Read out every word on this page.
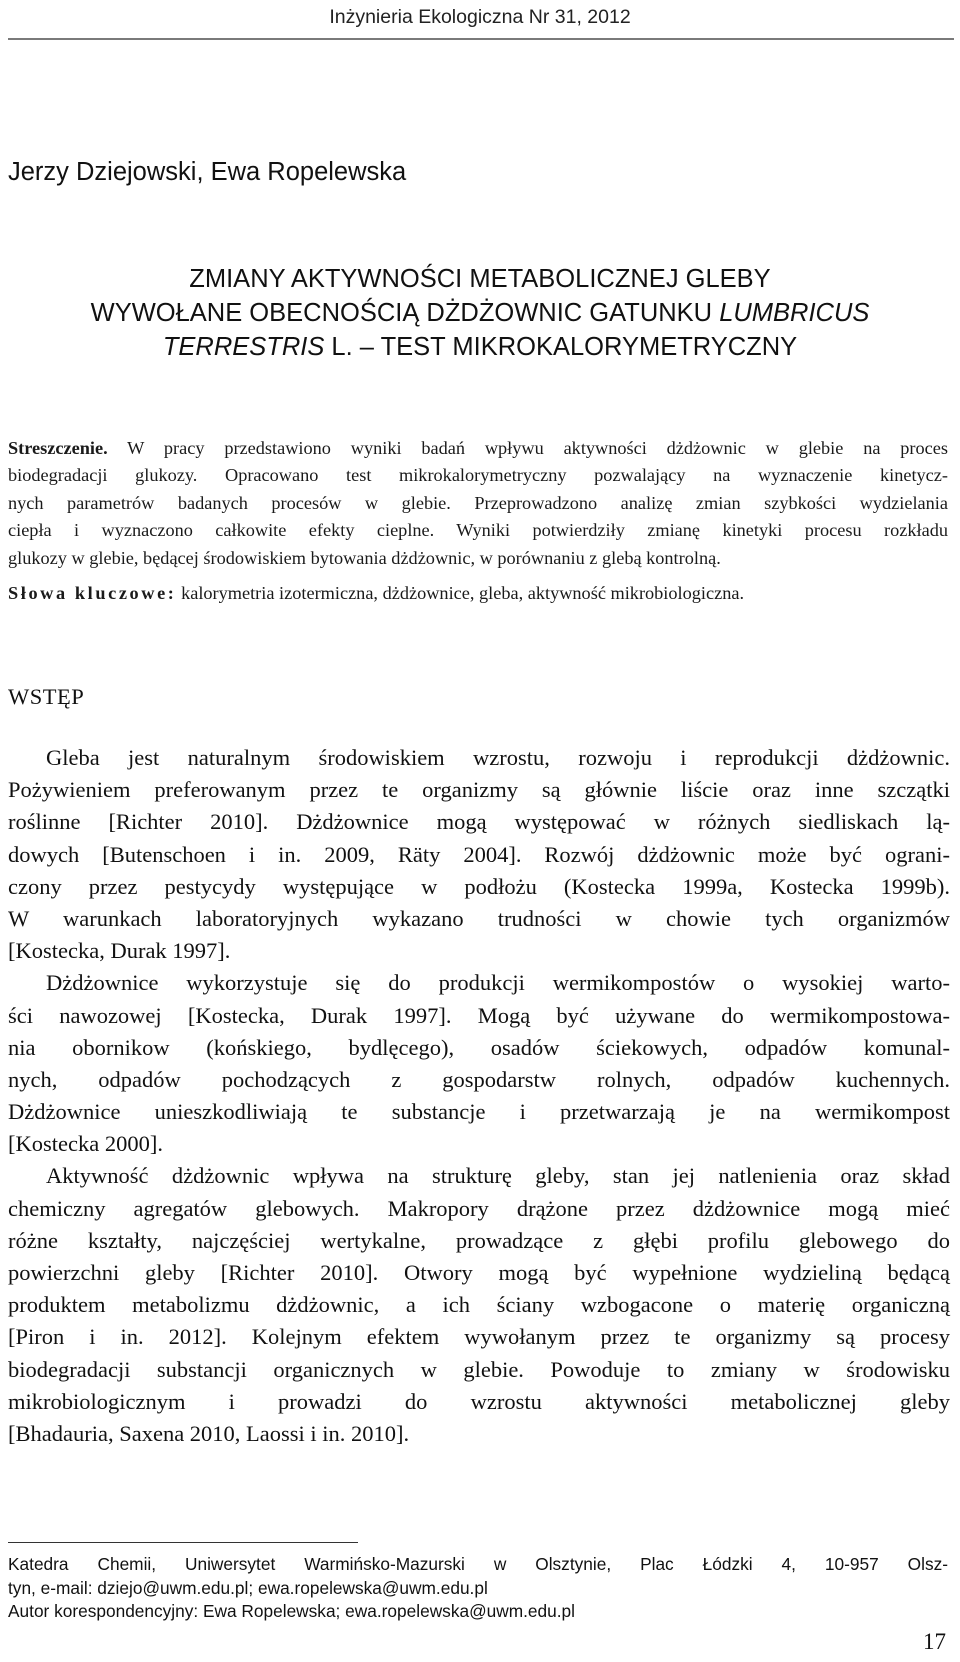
Inżynieria Ekologiczna Nr 31, 2012
Jerzy Dziejowski, Ewa Ropelewska
ZMIANY AKTYWNOŚCI METABOLICZNEJ GLEBY
WYWOŁANE OBECNOŚCIĄ DŻDŻOWNIC GATUNKU LUMBRICUS
TERRESTRIS L. – TEST MIKROKALORYMETRYCZNY
Streszczenie. W pracy przedstawiono wyniki badań wpływu aktywności dżdżownic w glebie na proces
biodegradacji glukozy. Opracowano test mikrokalorymetryczny pozwalający na wyznaczenie kinetycz-
nych parametrów badanych procesów w glebie. Przeprowadzono analizę zmian szybkości wydzielania
ciepła i wyznaczono całkowite efekty cieplne. Wyniki potwierdziły zmianę kinetyki procesu rozkładu
glukozy w glebie, będącej środowiskiem bytowania dżdżownic, w porównaniu z glebą kontrolną.
Słowa kluczowe: kalorymetria izotermiczna, dżdżownice, gleba, aktywność mikrobiologiczna.
WSTĘP
Gleba jest naturalnym środowiskiem wzrostu, rozwoju i reprodukcji dżdżownic.
Pożywieniem preferowanym przez te organizmy są głównie liście oraz inne szczątki
roślinne [Richter 2010]. Dżdżownice mogą występować w różnych siedliskach lą-
dowych [Butenschoen i in. 2009, Räty 2004]. Rozwój dżdżownic może być ograni-
czony przez pestycydy występujące w podłożu (Kostecka 1999a, Kostecka 1999b).
W warunkach laboratoryjnych wykazano trudności w chowie tych organizmów
[Kostecka, Durak 1997].
Dżdżownice wykorzystuje się do produkcji wermikompostów o wysokiej warto-
ści nawozowej [Kostecka, Durak 1997]. Mogą być używane do wermikompostowa-
nia obornikow (końskiego, bydlęcego), osadów ściekowych, odpadów komunal-
nych, odpadów pochodzących z gospodarstw rolnych, odpadów kuchennych.
Dżdżownice unieszkodliwiają te substancje i przetwarzają je na wermikompost
[Kostecka 2000].
Aktywność dżdżownic wpływa na strukturę gleby, stan jej natlenienia oraz skład
chemiczny agregatów glebowych. Makropory drążone przez dżdżownice mogą mieć
różne kształty, najczęściej wertykalne, prowadzące z głębi profilu glebowego do
powierzchni gleby [Richter 2010]. Otwory mogą być wypełnione wydzieliną będącą
produktem metabolizmu dżdżownic, a ich ściany wzbogacone o materię organiczną
[Piron i in. 2012]. Kolejnym efektem wywołanym przez te organizmy są procesy
biodegradacji substancji organicznych w glebie. Powoduje to zmiany w środowisku
mikrobiologicznym i prowadzi do wzrostu aktywności metabolicznej gleby
[Bhadauria, Saxena 2010, Laossi i in. 2010].
Katedra Chemii, Uniwersytet Warmińsko-Mazurski w Olsztynie, Plac Łódzki 4, 10-957 Olsz-
tyn, e-mail: dziejo@uwm.edu.pl; ewa.ropelewska@uwm.edu.pl
Autor korespondencyjny: Ewa Ropelewska; ewa.ropelewska@uwm.edu.pl
17
